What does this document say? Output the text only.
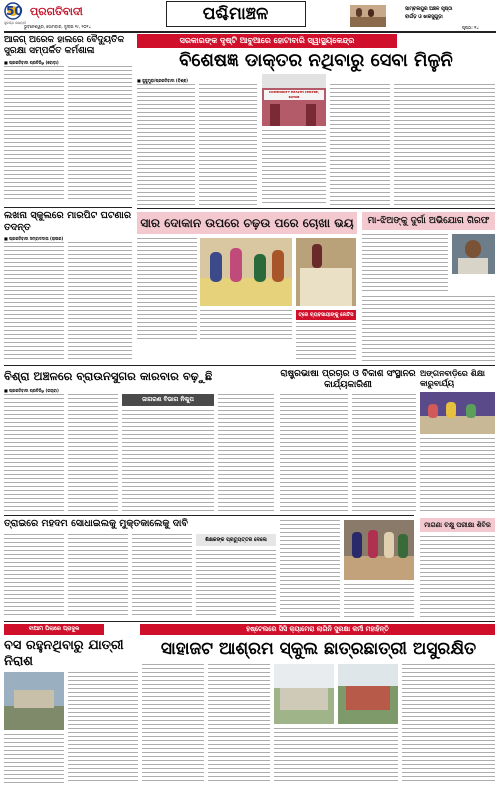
50
ସୁବର୍ଣ୍ଣ ଜୟନ୍ତୀ
ପ୍ରଗତିବାଦୀ
ଭୁବନେଶ୍ୱର, ସୋମବାର, ଜୁଲାଇ ୧୯, ୨୦୨୪
ପଶ୍ଚିମାଞ୍ଚଳ	ସାମ୍ବଲପୁର ଅଞ୍ଚଳ ପୃଷ୍ଠା
ବାର୍ଗଡ଼ ଓ ଝାରସୁଗୁଡ଼ା
ପୃଷ୍ଠା: ୧୪
ଆଜଗ୍ ଅରେକ ହାଲରେ ବୈଦ୍ୟୁତିକ ସୁରକ୍ଷା ସମ୍ପର୍କିତ କର୍ମଶାଳା
■ ପ୍ରଗତିବାଦୀ ପ୍ରତିନିଧି (ବୋଡ଼ା)
ସରକାରଙ୍କ ଦୃଷ୍ଟି ଆବୁଆରେ ହୋଟାବାରି ସ୍ୱାସ୍ଥ୍ୟକେନ୍ଦ୍ର
ବିଶେଷଜ୍ଞ ଡାକ୍ତର ନଥିବାରୁ ସେବା ମିଳୁନି
■ ଜୁଜୁମୁରା/ପ୍ରଗତିବାଦୀ (ବିଶ୍ଵ)
COMMUNITY HEALTH CENTRE, KATAB
ଲଖନା ସ୍କୁଲରେ ମାରପିଟ ଘଟଣାର ତଦନ୍ତ
■ ପ୍ରଗତିବାଦୀ ସମ୍ବାଦଦାତା (ରାଉର)
ସାର ଦୋକାନ ଉପରେ ଚଢ଼ଉ ପରେ ଚୋଖା ଭୟ
ଟ୍ରେ ବ୍ୟବସାୟୀଙ୍କୁ ନୋଟିସ
ମା-ଝିଅଙ୍କୁ ଦୁର୍ଗା ଅଭିଯୋଗ ଗିରଫ
ବିଶ୍ରା ଅଞ୍ଚଳରେ ବ୍ରାଉନସୁଗର କାରବାର ବଢ଼ୁଛି
■ ପ୍ରଗତିବାଦୀ ପ୍ରତିନିଧି (ଜୟବା)
ଜାଗରଣ ବିଭାଗ ନିଶ୍ଚୁପ
ରାଷ୍ଟ୍ରଭାଷା ପ୍ରଚାର ଓ ବିକାଶ ସଂସ୍ଥାନର କାର୍ଯ୍ୟକାରିଣୀ
ଅଙ୍ଗନବାଡ଼ିରେ ଶିକ୍ଷା କାରୁବାର୍ଯ୍ୟ
ତ୍ରାଇରେ ମହଦମ ସୋଧାଇଲକୁ ମୁକ୍ତକାଲେକୁ ଦାବି
ଶିକ୍ଷକଙ୍କ ପ୍ରତ୍ୟୁତ୍ତର ଦେଲେ
ମାଗଣା ଚକ୍ଷୁ ପରୀକ୍ଷା ଶିବିର
ବୀଆମ ପିଲାରେ ପ୍ରାଦୁକ	ହଷ୍ଟେଲରେ ସିସି କ୍ୟାମେରା ଲାଗିନି ସୁରକ୍ଷା କର୍ମୀ ମହାହିନ୍ତି
ବସ ରହୁନଥିବାରୁ ଯାତ୍ରୀ ନିରାଶ
ସାହାଜଟ ଆଶ୍ରମ ସ୍କୁଲ ଛାତ୍ରଛାତ୍ରୀ ଅସୁରକ୍ଷିତ
